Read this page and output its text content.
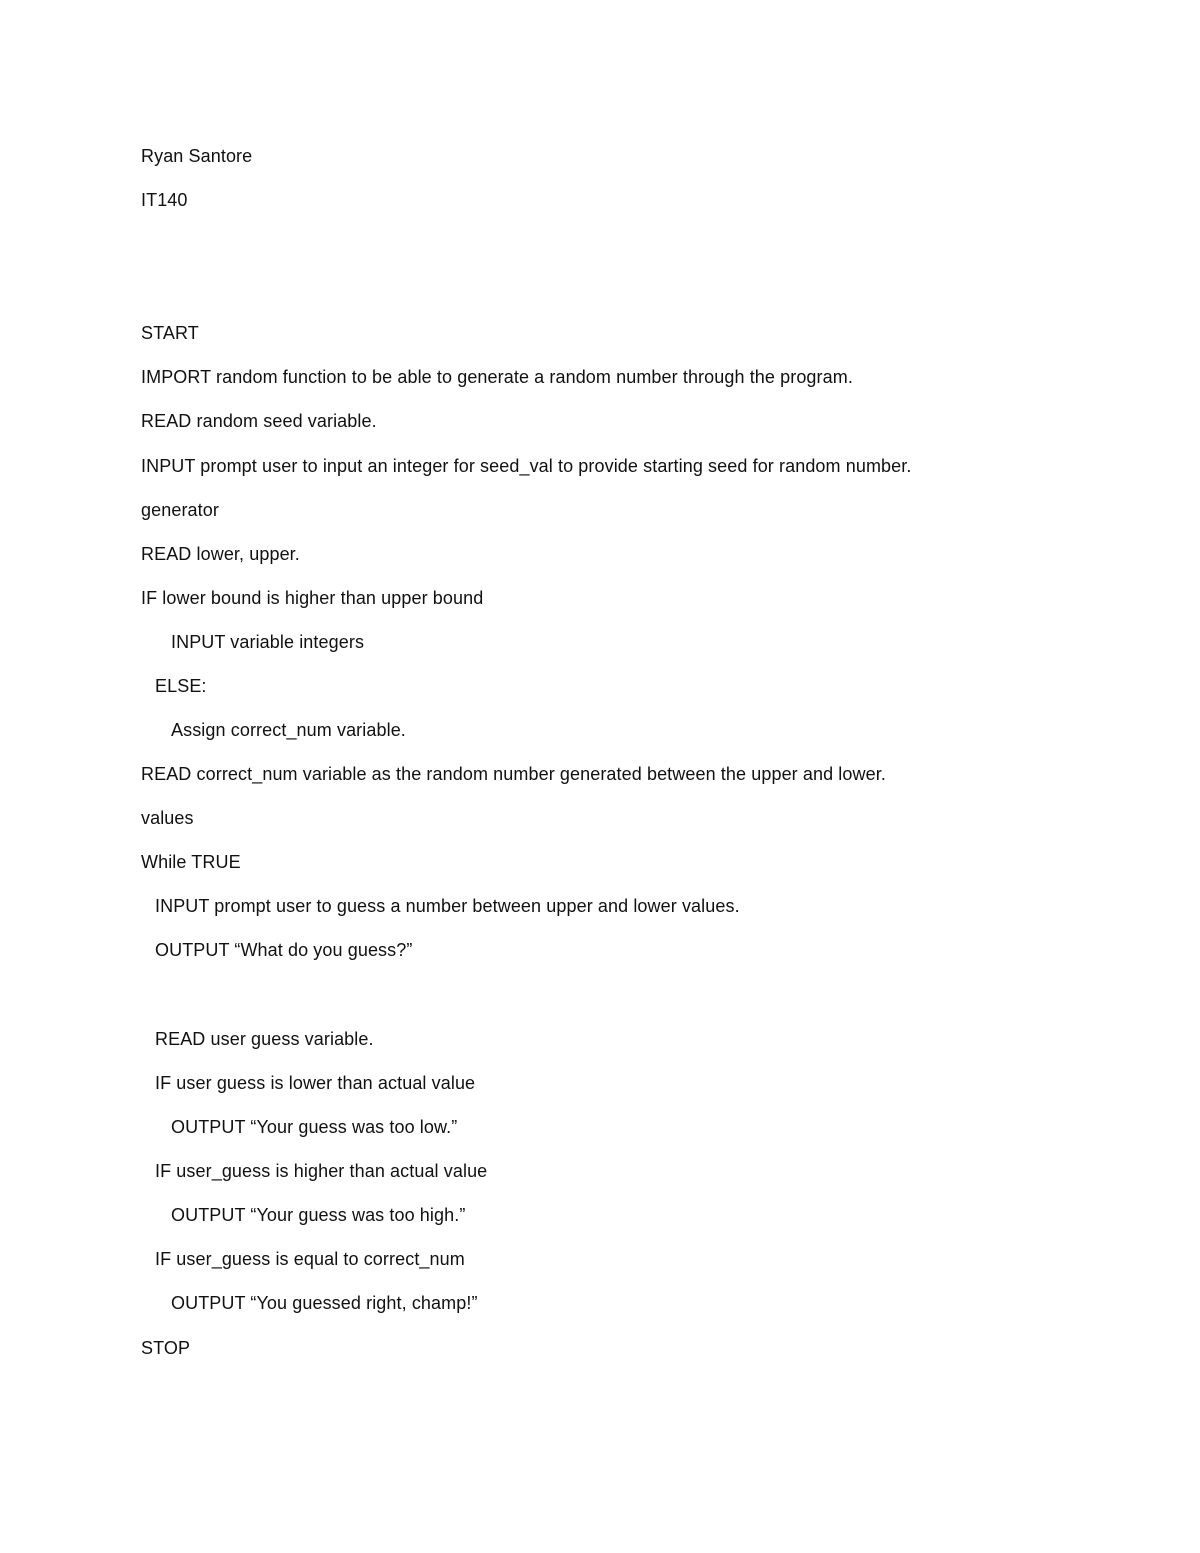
Ryan Santore
IT140
START
IMPORT random function to be able to generate a random number through the program.
READ random seed variable.
INPUT prompt user to input an integer for seed_val to provide starting seed for random number.
generator
READ lower, upper.
IF lower bound is higher than upper bound
INPUT variable integers
ELSE:
Assign correct_num variable.
READ correct_num variable as the random number generated between the upper and lower.
values
While TRUE
INPUT prompt user to guess a number between upper and lower values.
OUTPUT “What do you guess?”
READ user guess variable.
IF user guess is lower than actual value
OUTPUT “Your guess was too low.”
IF user_guess is higher than actual value
OUTPUT “Your guess was too high.”
IF user_guess is equal to correct_num
OUTPUT “You guessed right, champ!”
STOP
